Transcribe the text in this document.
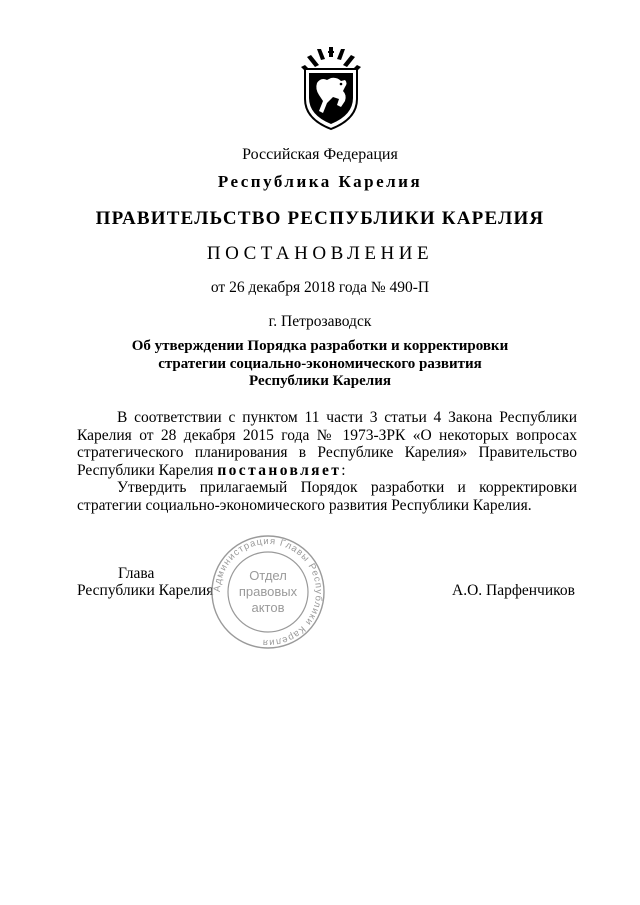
Российская Федерация
Республика Карелия
ПРАВИТЕЛЬСТВО РЕСПУБЛИКИ КАРЕЛИЯ
ПОСТАНОВЛЕНИЕ
от 26 декабря 2018 года № 490-П
г. Петрозаводск
Об утверждении Порядка разработки и корректировки
стратегии социально-экономического развития
Республики Карелия

В соответствии с пунктом 11 части 3 статьи 4 Закона Республики Карелия от 28 декабря 2015 года № 1973-ЗРК «О некоторых вопросах стратегического планирования в Республике Карелия» Правительство Республики Карелия постановляет:

Утвердить прилагаемый Порядок разработки и корректировки стратегии социально-экономического развития Республики Карелия.

Глава
Республики Карелия	А.О. Парфенчиков
Администрация Главы Республики Карелия
Отдел
правовых
актов
